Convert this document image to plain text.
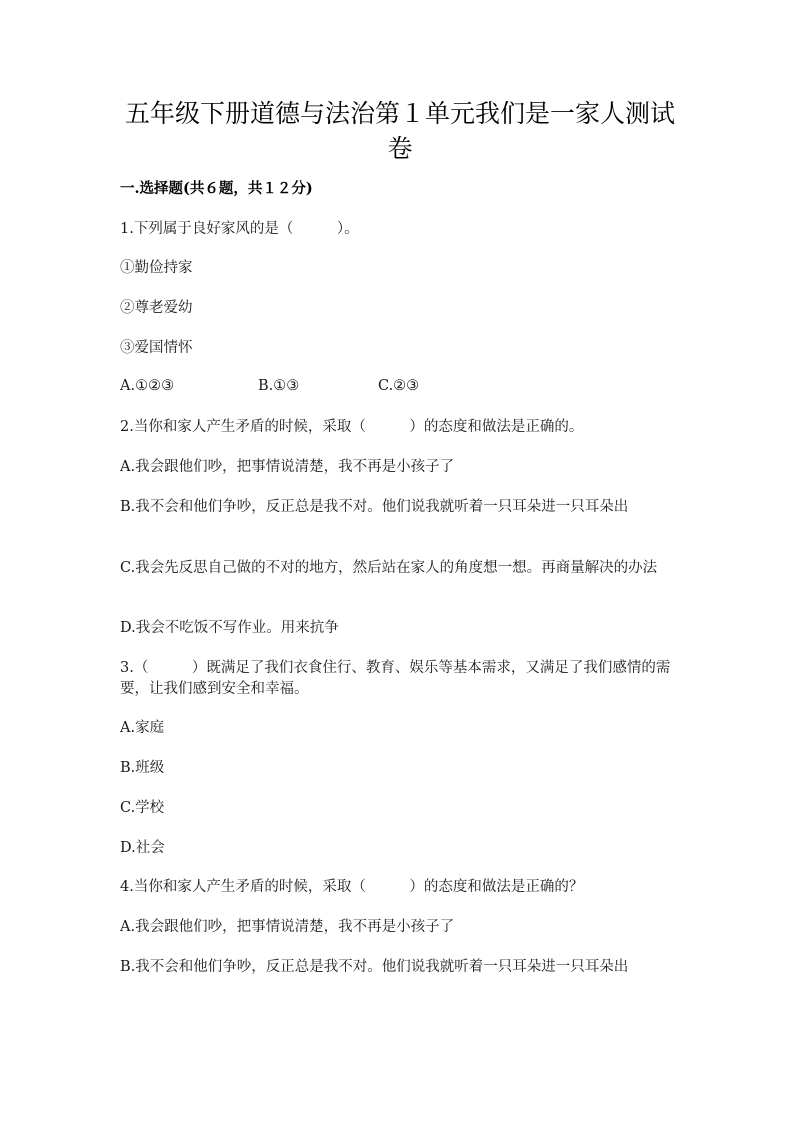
五年级下册道德与法治第１单元我们是一家人测试卷
一.选择题(共６题，共１２分)
1.下列属于良好家风的是（　　　）。
①勤俭持家
②尊老爱幼
③爱国情怀
A.①②③	B.①③	C.②③
2.当你和家人产生矛盾的时候，采取（　　　）的态度和做法是正确的。
A.我会跟他们吵，把事情说清楚，我不再是小孩子了
B.我不会和他们争吵，反正总是我不对。他们说我就听着一只耳朵进一只耳朵出
C.我会先反思自己做的不对的地方，然后站在家人的角度想一想。再商量解决的办法
D.我会不吃饭不写作业。用来抗争
3.（　　　）既满足了我们衣食住行、教育、娱乐等基本需求，又满足了我们感情的需要，让我们感到安全和幸福。
A.家庭
B.班级
C.学校
D.社会
4.当你和家人产生矛盾的时候，采取（　　　）的态度和做法是正确的？
A.我会跟他们吵，把事情说清楚，我不再是小孩子了
B.我不会和他们争吵，反正总是我不对。他们说我就听着一只耳朵进一只耳朵出
